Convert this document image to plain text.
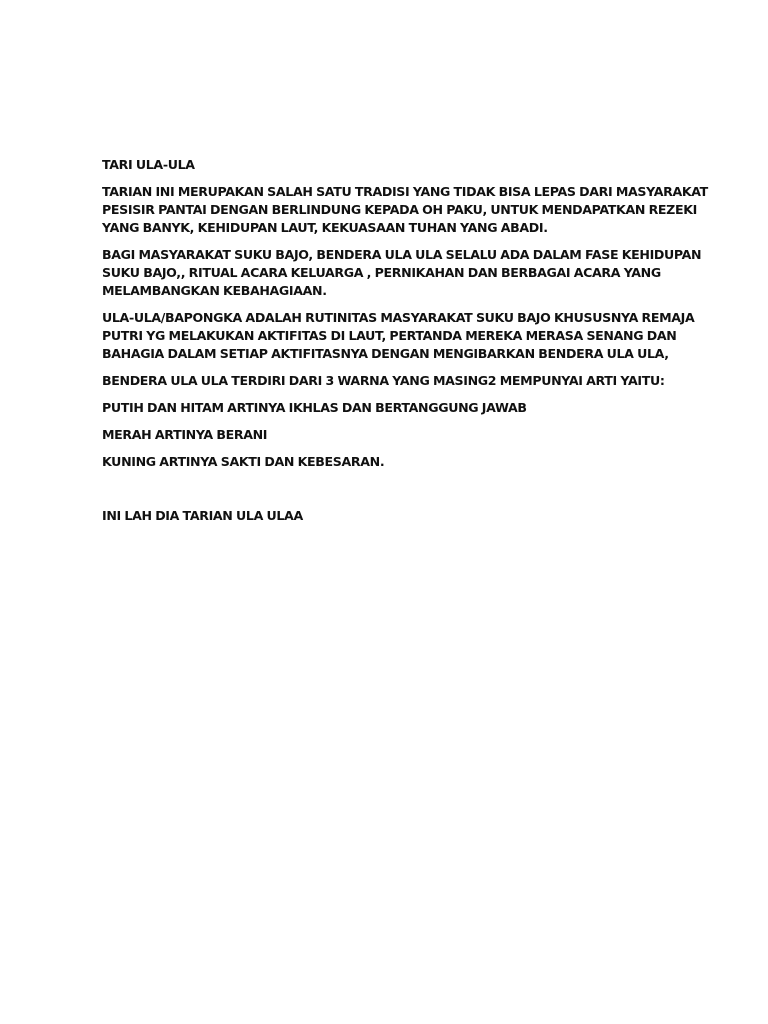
TARI ULA-ULA

TARIAN INI MERUPAKAN SALAH SATU TRADISI YANG TIDAK BISA LEPAS DARI MASYARAKAT
PESISIR PANTAI DENGAN BERLINDUNG KEPADA OH PAKU, UNTUK MENDAPATKAN REZEKI
YANG BANYK, KEHIDUPAN LAUT, KEKUASAAN TUHAN YANG ABADI.

BAGI MASYARAKAT SUKU BAJO, BENDERA ULA ULA SELALU ADA DALAM FASE KEHIDUPAN
SUKU BAJO,, RITUAL ACARA KELUARGA , PERNIKAHAN DAN BERBAGAI ACARA YANG
MELAMBANGKAN KEBAHAGIAAN.

ULA-ULA/BAPONGKA ADALAH RUTINITAS MASYARAKAT SUKU BAJO KHUSUSNYA REMAJA
PUTRI YG MELAKUKAN AKTIFITAS DI LAUT, PERTANDA MEREKA MERASA SENANG DAN
BAHAGIA DALAM SETIAP AKTIFITASNYA DENGAN MENGIBARKAN BENDERA ULA ULA,

BENDERA ULA ULA TERDIRI DARI 3 WARNA YANG MASING2 MEMPUNYAI ARTI YAITU:

PUTIH DAN HITAM ARTINYA IKHLAS DAN BERTANGGUNG JAWAB

MERAH ARTINYA BERANI

KUNING ARTINYA SAKTI DAN KEBESARAN.

INI LAH DIA TARIAN ULA ULAA
